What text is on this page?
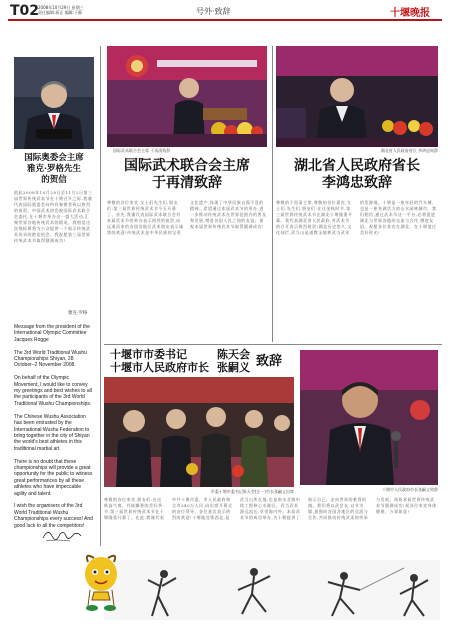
T02
2008年10月29日 星期三
责任编辑:蒋正 编辑:于静	号外·致辞	十堰晚报
国际奥委会主席
雅克·罗格先生
的贺信
值此2008年10月28日至11月2日第三届世界传统武术节在十堰召开之际,我谨代表国际奥委会向所有参赛者致以热烈的祝贺。中国武术协会被国际武术联合会委托,在十堰市举办这一盛大活动,汇聚世界各地传统武术的精英。我相信这次锦标赛将为公众提供一个展示传统武术风采的绝佳机会。我祝愿第三届世界传统武术节取得圆满成功!
雅克·罗格
Message from the president of the International Olympic Committee Jacques Rogge

The 3rd World Traditional Wushu Championships Shiyan, 28 October–2 November 2008.

On behalf of the Olympic Movement, I would like to convey my greetings and best wishes to all the participants of the 3rd World Traditional Wushu Championships.

The Chinese Wushu Association has been entrusted by the International Wushu Federation to bring together in the city of Shiyan the world's best athletes in this traditional martial art.

There is no doubt that these championships will provide a great opportunity for the public to witness great performances by all these athletes who have impeccable agility and talent.

I wish the organisers of the 3rd World Traditional Wushu Championships every success! And good luck to all the competitors!
国际武术联合会主席 于再清致辞
国际武术联合会主席
于再清致辞
尊敬的各位来宾,女士们先生们,朋友们:第三届世界传统武术节今天开幕了。首先,我谨代表国际武术联合会对本届武术节的举办表示热烈的祝贺,向远道而来的各国各地区武术朋友表示诚挚的欢迎!传统武术是中华民族的宝贵文化遗产,体现了中华民族自强不息的精神。希望通过本届武术节的举办,进一步推动传统武术在世界范围内的普及和发展,增进各国人民之间的友谊。预祝本届世界传统武术节取得圆满成功!
湖北省人民政府省长 李鸿忠致辞
湖北省人民政府省长
李鸿忠致辞
尊敬的于再清主席,尊敬的各位嘉宾,女士们,先生们,朋友们:在这金秋时节,第三届世界传统武术节在湖北十堰隆重开幕。我代表湖北省人民政府,对武术节的召开表示热烈祝贺!湖北历史悠久,文化灿烂,武当山是道教圣地和武当武术的发源地。十堰是一座年轻的汽车城,也是一座充满活力的山水园林城市。我们相信,通过武术节这一平台,必将促进湖北与世界各地的交流与合作,增进友谊。祝愿各位来宾在湖北、在十堰度过美好时光!
十堰市市委书记
十堰市人民政府市长
陈天会
张嗣义 致辞
市委十堰市委书记陈天会(左一)市长张嗣义出席	十堰市人民政府市长张嗣义致辞
尊敬的各位来宾,朋友们:在这秋高气爽、丹桂飘香的美好季节,第三届世界传统武术节在十堰隆重开幕了。在此,我谨代表中共十堰市委、市人民政府和全市340万人民,向出席开幕式的各位领导、各位嘉宾表示热烈的欢迎!十堰地处鄂西北,是武当山所在地,也是南水北调中线工程核心水源区。武当武术源远流长,享誉海内外。本届武术节的成功举办,为十堰提供了展示自己、走向世界的难得机遇。我们将以武会友,以节为媒,加强同各国各地区的交流与合作,共同推动传统武术的传承与发展。预祝本届世界传统武术节圆满成功!祝各位来宾身体健康、万事如意!
